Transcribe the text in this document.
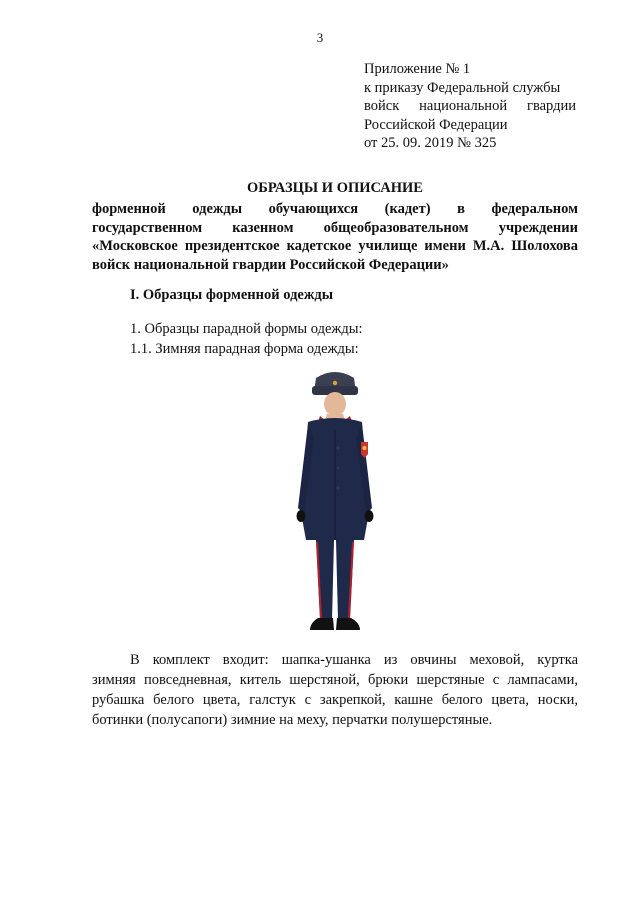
3
Приложение № 1
к приказу Федеральной службы
войск национальной гвардии
Российской Федерации
от 25. 09. 2019 № 325
ОБРАЗЦЫ И ОПИСАНИЕ
форменной одежды обучающихся (кадет) в федеральном
государственном казенном общеобразовательном учреждении
«Московское президентское кадетское училище имени М.А. Шолохова
войск национальной гвардии Российской Федерации»
I. Образцы форменной одежды
1. Образцы парадной формы одежды:
1.1. Зимняя парадная форма одежды:
В комплект входит: шапка-ушанка из овчины меховой, куртка
зимняя повседневная, китель шерстяной, брюки шерстяные с лампасами,
рубашка белого цвета, галстук с закрепкой, кашне белого цвета, носки,
ботинки (полусапоги) зимние на меху, перчатки полушерстяные.
